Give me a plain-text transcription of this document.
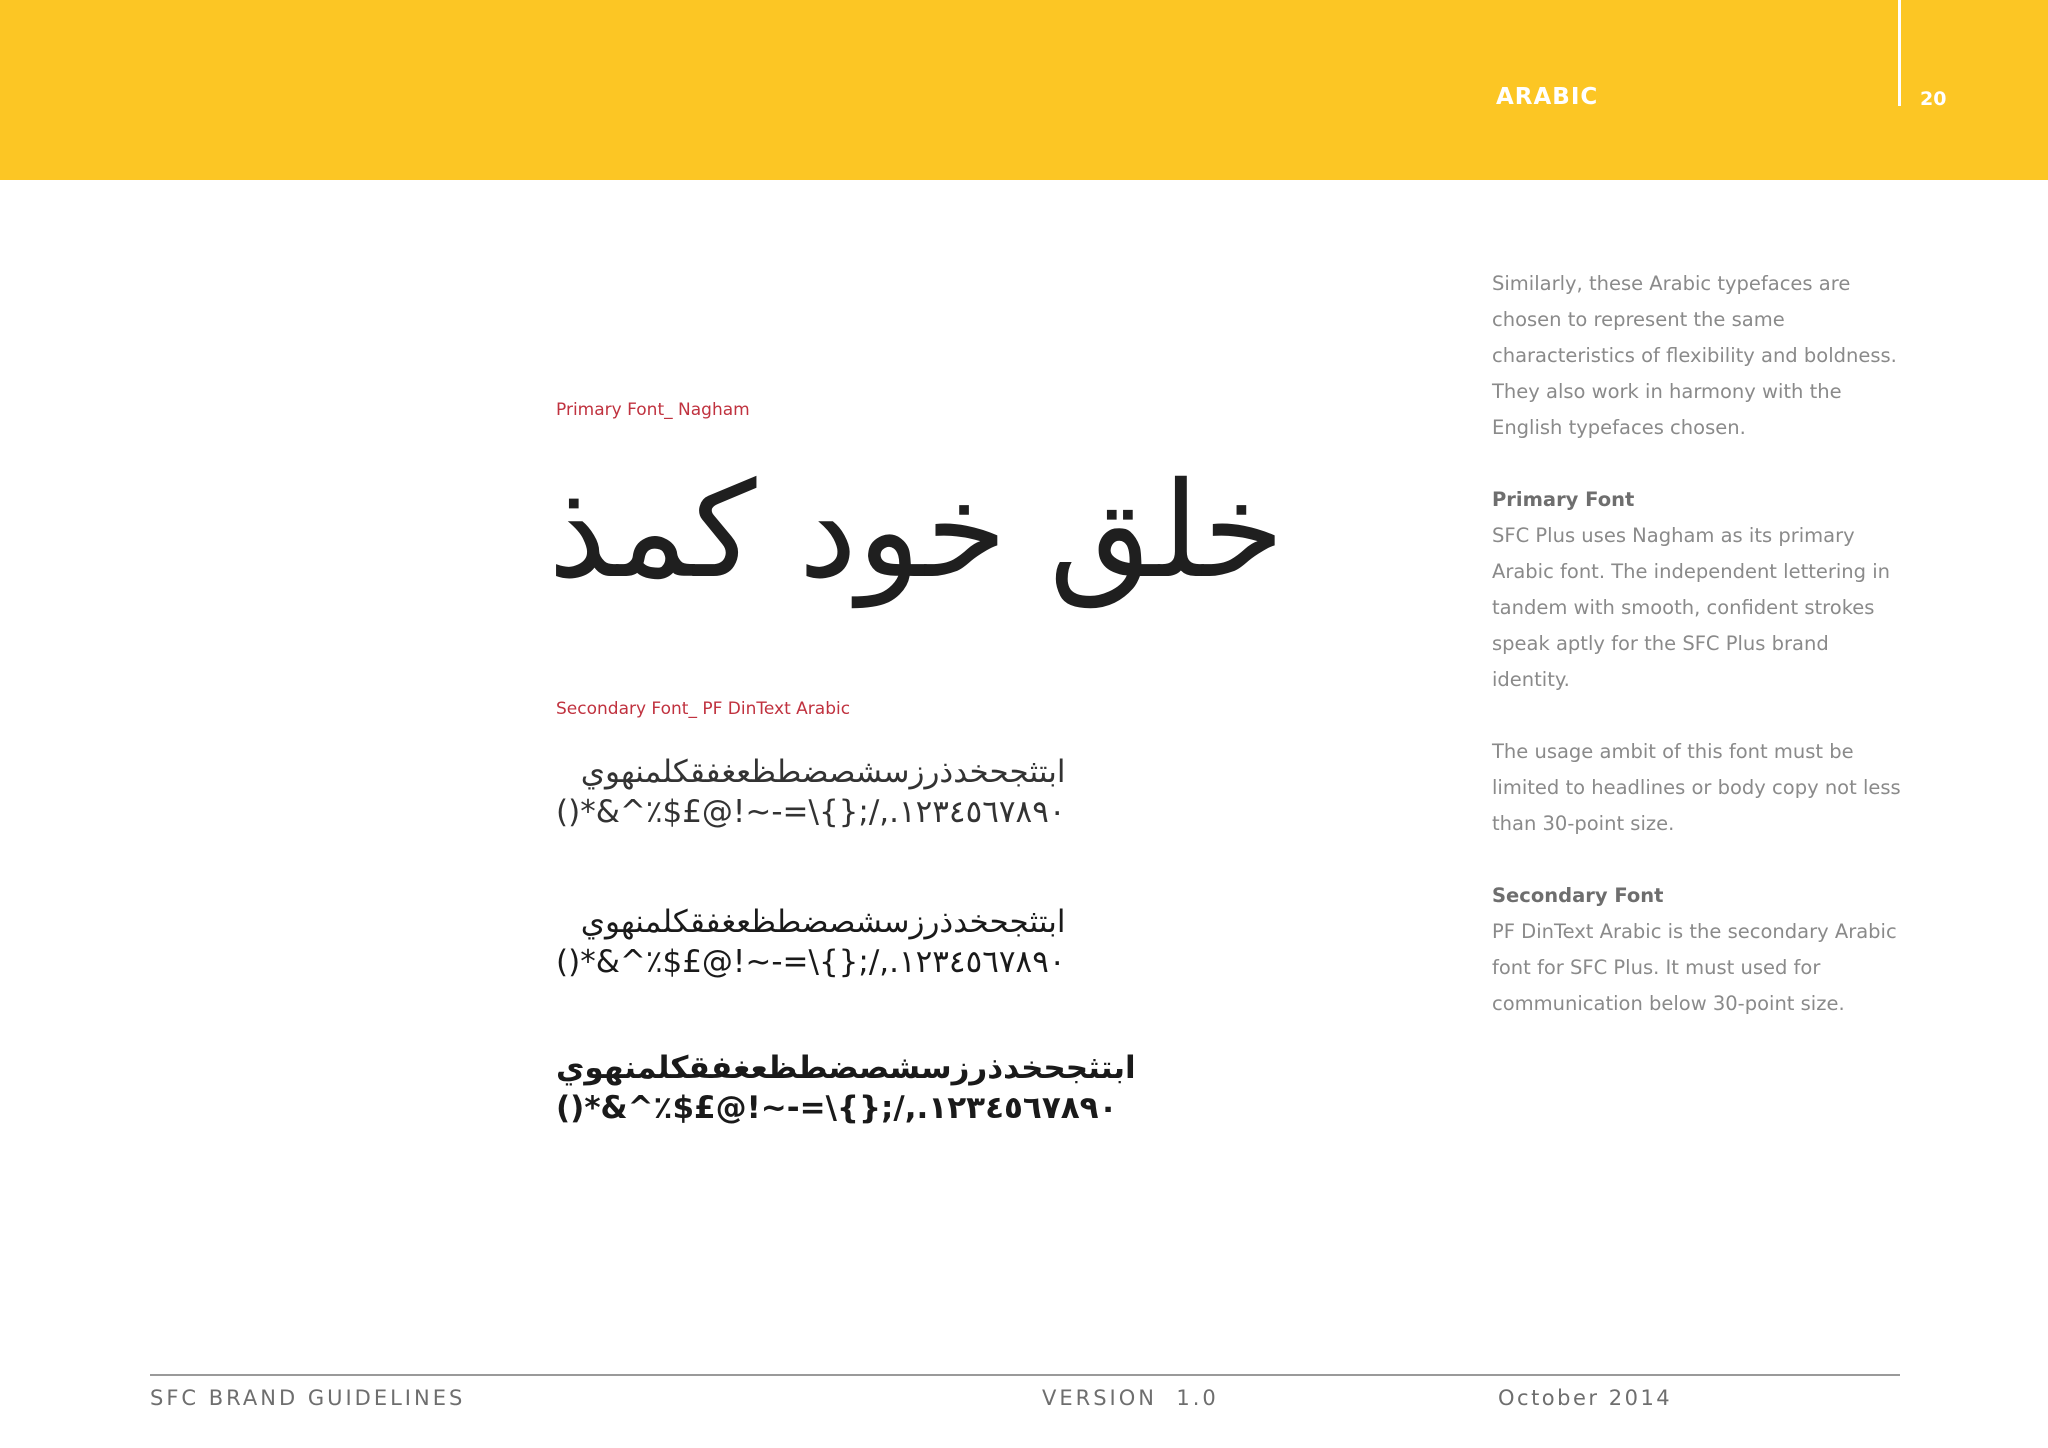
ARABIC	20
Primary Font_ Nagham
خلق خود كمذ
Secondary Font_ PF DinText Arabic
ابتثجحخدذرزسشصضطظعغفقكلمنهوي
()*&^٪$£@!~-=\{};/,.١٢٣٤٥٦٧٨٩٠
ابتثجحخدذرزسشصضطظعغفقكلمنهوي
()*&^٪$£@!~-=\{};/,.١٢٣٤٥٦٧٨٩٠
ابتثجحخدذرزسشصضطظعغفقكلمنهوي
()*&^٪$£@!~-=\{};/,.١٢٣٤٥٦٧٨٩٠

Similarly, these Arabic typefaces are chosen to represent the same characteristics of flexibility and boldness. They also work in harmony with the English typefaces chosen.

Primary Font
SFC Plus uses Nagham as its primary Arabic font. The independent lettering in tandem with smooth, confident strokes speak aptly for the SFC Plus brand identity.

The usage ambit of this font must be limited to headlines or body copy not less than 30-point size.

Secondary Font
PF DinText Arabic is the secondary Arabic font for SFC Plus. It must used for communication below 30-point size.

SFC BRAND GUIDELINES	VERSION  1.0	October 2014
